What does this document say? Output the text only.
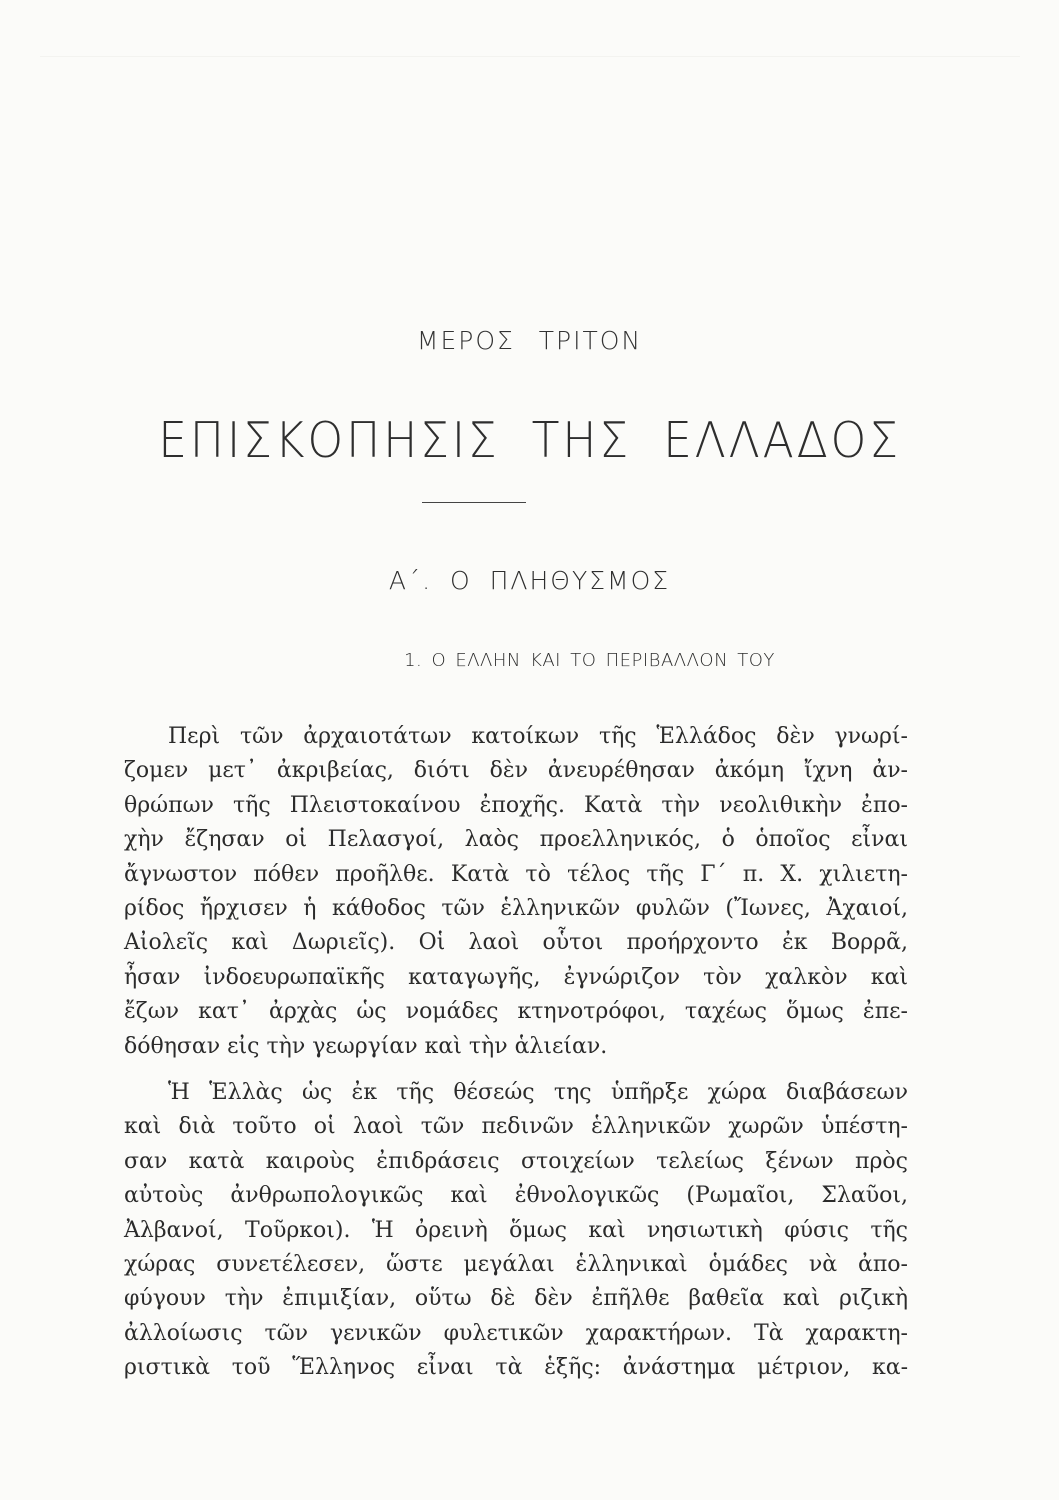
ΜΕΡΟΣ ΤΡΙΤΟΝ
ΕΠΙΣΚΟΠΗΣΙΣ ΤΗΣ ΕΛΛΑΔΟΣ
Α΄. Ο ΠΛΗΘΥΣΜΟΣ
1. Ο ΕΛΛΗΝ ΚΑΙ ΤΟ ΠΕΡΙΒΑΛΛΟΝ ΤΟΥ
Περὶ τῶν ἀρχαιοτάτων κατοίκων τῆς Ἑλλάδος δὲν γνωρί-
ζομεν μετ᾽ ἀκριβείας, διότι δὲν ἀνευρέθησαν ἀκόμη ἴχνη ἀν-
θρώπων τῆς Πλειστοκαίνου ἐποχῆς. Κατὰ τὴν νεολιθικὴν ἐπο-
χὴν ἔζησαν οἱ Πελασγοί, λαὸς προελληνικός, ὁ ὁποῖος εἶναι
ἄγνωστον πόθεν προῆλθε. Κατὰ τὸ τέλος τῆς Γ΄ π. Χ. χιλιετη-
ρίδος ἤρχισεν ἡ κάθοδος τῶν ἑλληνικῶν φυλῶν (Ἴωνες, Ἀχαιοί,
Αἰολεῖς καὶ Δωριεῖς). Οἱ λαοὶ οὗτοι προήρχοντο ἐκ Βορρᾶ,
ἦσαν ἰνδοευρωπαϊκῆς καταγωγῆς, ἐγνώριζον τὸν χαλκὸν καὶ
ἔζων κατ᾽ ἀρχὰς ὡς νομάδες κτηνοτρόφοι, ταχέως ὅμως ἐπε-
δόθησαν εἰς τὴν γεωργίαν καὶ τὴν ἁλιείαν.
Ἡ Ἑλλὰς ὡς ἐκ τῆς θέσεώς της ὑπῆρξε χώρα διαβάσεων
καὶ διὰ τοῦτο οἱ λαοὶ τῶν πεδινῶν ἑλληνικῶν χωρῶν ὑπέστη-
σαν κατὰ καιροὺς ἐπιδράσεις στοιχείων τελείως ξένων πρὸς
αὐτοὺς ἀνθρωπολογικῶς καὶ ἐθνολογικῶς (Ρωμαῖοι, Σλαῦοι,
Ἀλβανοί, Τοῦρκοι). Ἡ ὀρεινὴ ὅμως καὶ νησιωτικὴ φύσις τῆς
χώρας συνετέλεσεν, ὥστε μεγάλαι ἑλληνικαὶ ὁμάδες νὰ ἀπο-
φύγουν τὴν ἐπιμιξίαν, οὕτω δὲ δὲν ἐπῆλθε βαθεῖα καὶ ριζικὴ
ἀλλοίωσις τῶν γενικῶν φυλετικῶν χαρακτήρων. Τὰ χαρακτη-
ριστικὰ τοῦ Ἕλληνος εἶναι τὰ ἑξῆς: ἀνάστημα μέτριον, κα-
